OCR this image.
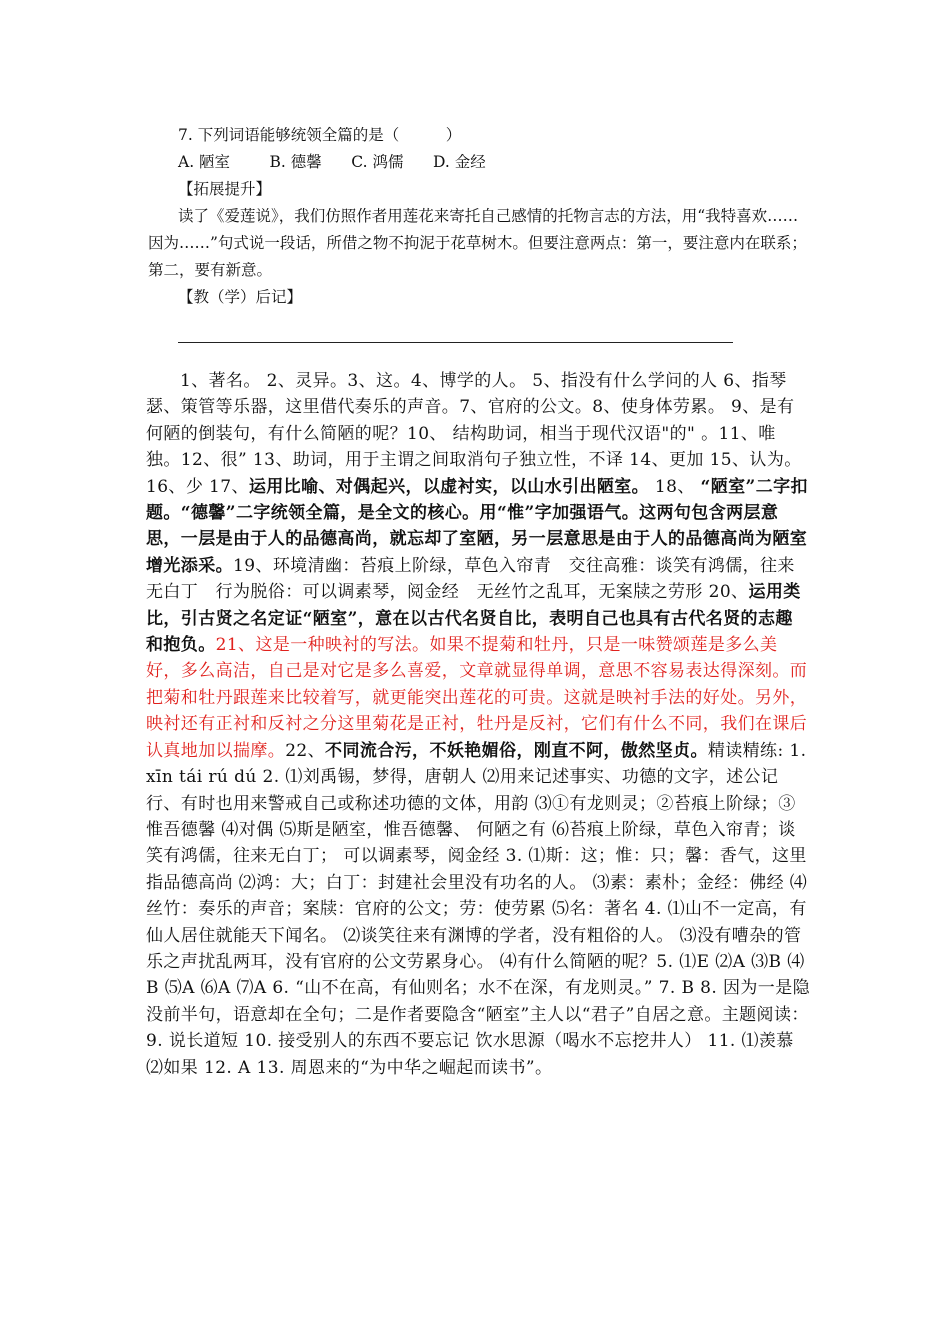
7. 下列词语能够统领全篇的是（　　　）

A. 陋室	B. 德馨 C. 鸿儒 D. 金经

【拓展提升】

读了《爱莲说》，我们仿照作者用莲花来寄托自己感情的托物言志的方法，用“我特喜欢……因为……”句式说一段话，所借之物不拘泥于花草树木。但要注意两点：第一，要注意内在联系；第二，要有新意。

【教（学）后记】

1、著名。 2、灵异。3、这。4、博学的人。 5、指没有什么学问的人 6、指琴瑟、策管等乐器，这里借代奏乐的声音。7、官府的公文。8、使身体劳累。 9、是有何陋的倒装句，有什么简陋的呢？10、 结构助词，相当于现代汉语"的" 。11、唯独。12、很” 13、助词，用于主谓之间取消句子独立性，不译 14、更加 15、认为。16、少 17、运用比喻、对偶起兴，以虚衬实，以山水引出陋室。 18、 “陋室”二字扣题。“德馨”二字统领全篇，是全文的核心。用“惟”字加强语气。这两句包含两层意思，一层是由于人的品德高尚，就忘却了室陋，另一层意思是由于人的品德高尚为陋室增光添采。19、环境清幽：苔痕上阶绿，草色入帘青　交往高雅：谈笑有鸿儒，往来无白丁　行为脱俗：可以调素琴，阅金经　无丝竹之乱耳，无案牍之劳形 20、运用类比，引古贤之名定证“陋室”，意在以古代名贤自比，表明自己也具有古代名贤的志趣和抱负。21、这是一种映衬的写法。如果不提菊和牡丹，只是一味赞颂莲是多么美好，多么高洁，自己是对它是多么喜爱，文章就显得单调，意思不容易表达得深刻。而把菊和牡丹跟莲来比较着写，就更能突出莲花的可贵。这就是映衬手法的好处。另外，映衬还有正衬和反衬之分这里菊花是正衬，牡丹是反衬，它们有什么不同，我们在课后认真地加以揣摩。22、不同流合污，不妖艳媚俗，刚直不阿，傲然坚贞。精读精练: 1. xīn tái rú dú 2. ⑴刘禹锡，梦得，唐朝人 ⑵用来记述事实、功德的文字，述公记行、有时也用来警戒自己或称述功德的文体，用韵 ⑶①有龙则灵；②苔痕上阶绿；③惟吾德馨 ⑷对偶 ⑸斯是陋室，惟吾德馨、 何陋之有 ⑹苔痕上阶绿，草色入帘青；谈笑有鸿儒，往来无白丁； 可以调素琴，阅金经 3. ⑴斯：这；惟：只；馨：香气，这里指品德高尚 ⑵鸿：大；白丁：封建社会里没有功名的人。 ⑶素：素朴；金经：佛经 ⑷丝竹：奏乐的声音；案牍：官府的公文；劳：使劳累 ⑸名：著名 4. ⑴山不一定高，有仙人居住就能天下闻名。 ⑵谈笑往来有渊博的学者，没有粗俗的人。 ⑶没有嘈杂的管乐之声扰乱两耳，没有官府的公文劳累身心。 ⑷有什么简陋的呢？5. ⑴E ⑵A ⑶B ⑷B ⑸A ⑹A ⑺A 6. “山不在高，有仙则名；水不在深，有龙则灵。” 7. B 8. 因为一是隐没前半句，语意却在全句；二是作者要隐含“陋室”主人以“君子”自居之意。主题阅读：9. 说长道短 10. 接受别人的东西不要忘记 饮水思源（喝水不忘挖井人） 11. ⑴羡慕 ⑵如果 12. A 13. 周恩来的“为中华之崛起而读书”。
